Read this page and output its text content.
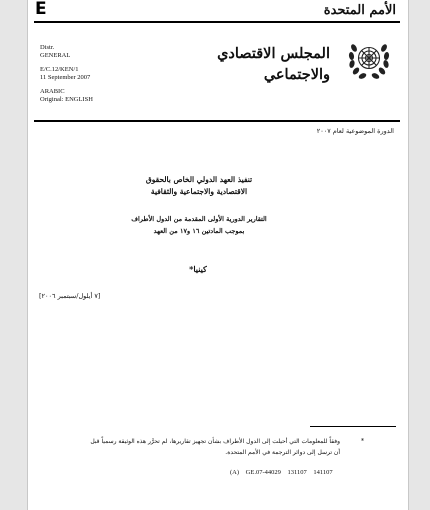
E	الأمم المتحدة
Distr.
GENERAL
E/C.12/KEN/1
11 September 2007
ARABIC
Original: ENGLISH
المجلس الاقتصادي
والاجتماعي
الدورة الموضوعية لعام ٢٠٠٧
تنفيذ العهد الدولي الخاص بالحقوق
الاقتصادية والاجتماعية والثقافية
التقارير الدورية الأولى المقدمة من الدول الأطراف
بموجب المادتين ١٦ و١٧ من العهد
كينيا*
[٧ أيلول/سبتمبر ٢٠٠٦]
*
وفقاً للمعلومات التي أحيلت إلى الدول الأطراف بشأن تجهيز تقاريرها، لم تحرَّر هذه الوثيقة رسمياً قبل
أن ترسل إلى دوائر الترجمة في الأمم المتحدة.
(A) GE.07-44029 131107 141107
